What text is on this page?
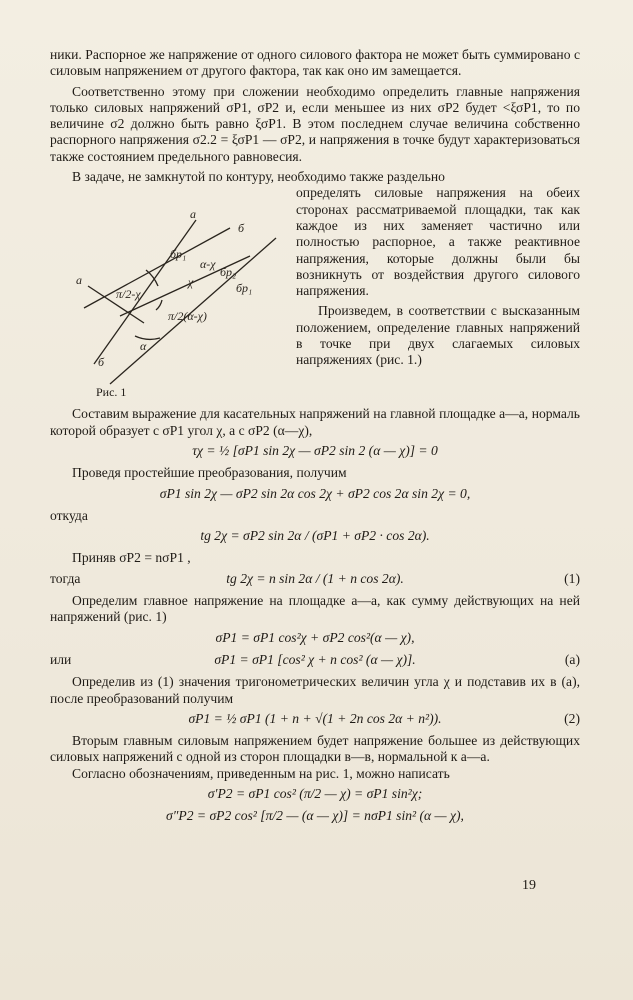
ники. Распорное же напряжение от одного силового фактора не может быть суммировано с силовым напряжением от другого фактора, так как оно им замещается.

Соответственно этому при сложении необходимо определить главные напряжения только силовых напряжений σP1, σP2 и, если меньшее из них σP2 будет <ξσP1, то по величине σ2 должно быть равно ξσP1. В этом последнем случае величина собственно распорного напряжения σ2.2 = ξσP1 — σP2, и напряжения в точке будут характеризоваться также состоянием предельного равновесия.

В задаче, не замкнутой по контуру, необходимо также раздельно

а
б
а
б
бр₁
бр₁
бр₂
α-χ
π/2(α-χ)
π/2-χ
χ
α
Рис. 1

определять силовые напряжения на обеих сторонах рассматриваемой площадки, так как каждое из них заменяет частично или полностью распорное, а также реактивное напряжения, которые должны были бы возникнуть от воздействия другого силового напряжения.

Произведем, в соответствии с высказанным положением, определение главных напряжений в точке при двух слагаемых силовых напряжениях (рис. 1.)

Составим выражение для касательных напряжений на главной площадке а—а, нормаль которой образует с σP1 угол χ, а с σP2 (α—χ),

τχ = ½ [σP1 sin 2χ — σP2 sin 2 (α — χ)] = 0

Проведя простейшие преобразования, получим

σP1 sin 2χ — σP2 sin 2α cos 2χ + σP2 cos 2α sin 2χ = 0,

откуда

tg 2χ = σP2 sin 2α / (σP1 + σP2 · cos 2α).

Приняв σP2 = nσP1 ,

тогда	tg 2χ = n sin 2α / (1 + n cos 2α).	(1)

Определим главное напряжение на площадке а—а, как сумму действующих на ней напряжений (рис. 1)

σP1 = σP1 cos²χ + σP2 cos²(α — χ),
или	σP1 = σP1 [cos² χ + n cos² (α — χ)].	(a)

Определив из (1) значения тригонометрических величин угла χ и подставив их в (а), после преобразований получим

σP1 = ½ σP1 (1 + n + √(1 + 2n cos 2α + n²)).	(2)

Вторым главным силовым напряжением будет напряжение большее из действующих силовых напряжений с одной из сторон площадки в—в, нормальной к а—а.

Согласно обозначениям, приведенным на рис. 1, можно написать

σ′P2 = σP1 cos² (π/2 — χ) = σP1 sin²χ;
σ″P2 = σP2 cos² [π/2 — (α — χ)] = nσP1 sin² (α — χ),
19
